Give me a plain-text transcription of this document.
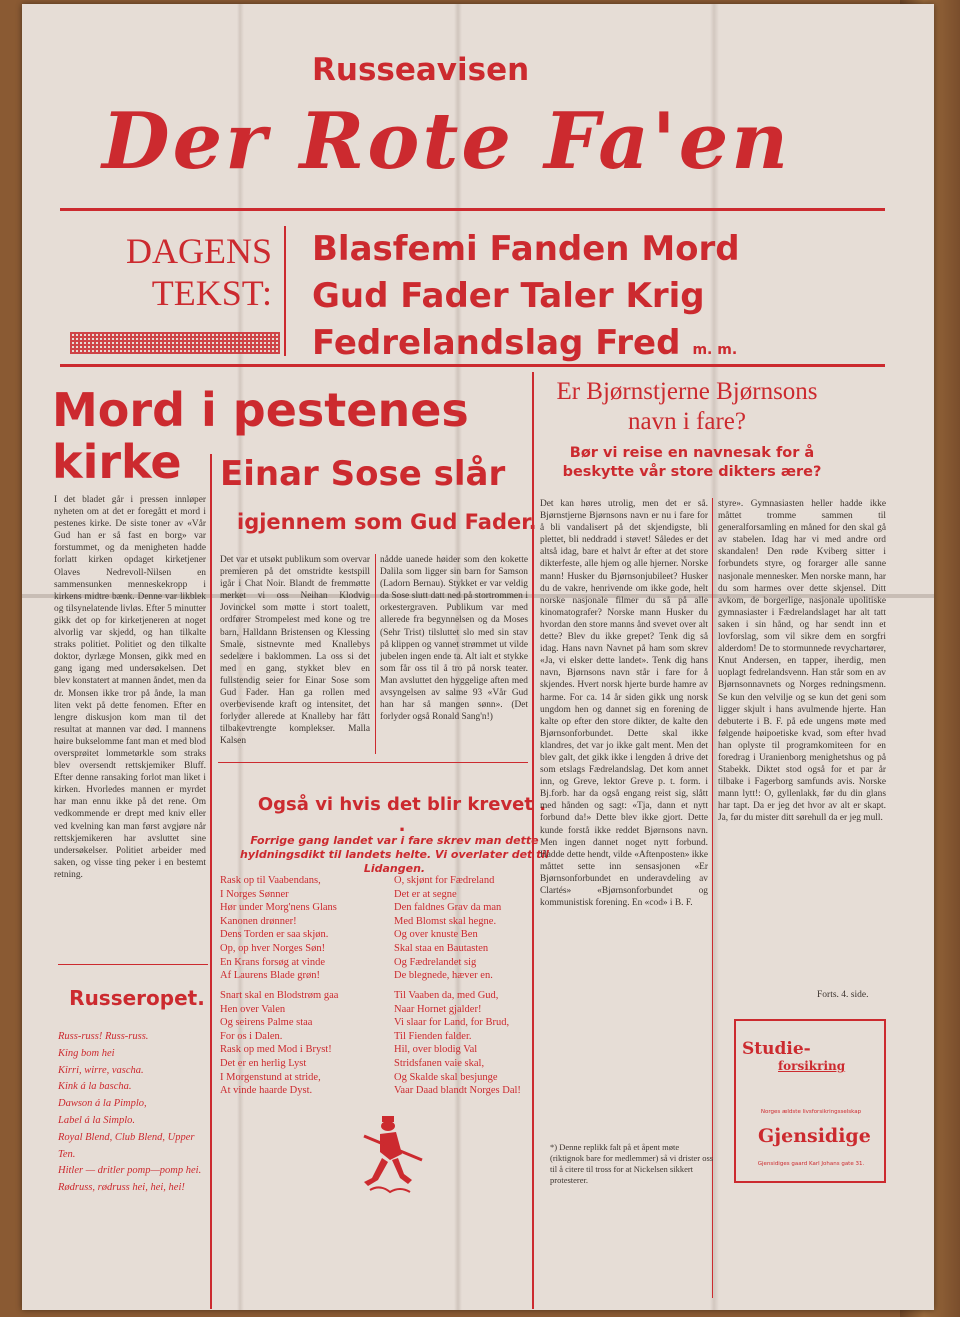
Russeavisen
Der Rote Fa'en
DAGENS
TEKST:
Blasfemi Fanden Mord
Gud Fader Taler Krig
Fedrelandslag Fred m. m.
Mord i pestenes
kirke

I det bladet går i pressen innløper nyheten om at det er foregått et mord i pestenes kirke. De siste toner av «Vår Gud han er så fast en borg» var forstummet, og da menigheten hadde forlatt kirken opdaget kirketjener Olaves Nedrevoll-Nilsen en sammensunken menneskekropp i kirkens midtre bænk. Denne var likblek og tilsynelatende livløs. Efter 5 minutter gikk det op for kirketjeneren at noget alvorlig var skjedd, og han tilkalte straks politiet. Politiet og den tilkalte doktor, dyrlæge Monsen, gikk med en gang igang med undersøkelsen. Det blev konstatert at mannen åndet, men da dr. Monsen ikke tror på ånde, la man liten vekt på dette fenomen. Efter en lengre diskusjon kom man til det resultat at mannen var død. I mannens høire bukselomme fant man et med blod oversprøitet lommetørkle som straks blev oversendt rettskjemiker Bluff. Efter denne ransaking forlot man liket i kirken. Hvorledes mannen er myrdet har man ennu ikke på det rene. Om vedkommende er drept med kniv eller ved kvelning kan man først avgjøre når rettskjemikeren har avsluttet sine undersøkelser. Politiet arbeider med saken, og visse ting peker i en bestemt retning.

Einar Sose slår
igjennem som Gud Fader.

Det var et utsøkt publikum som overvar premieren på det omstridte kestspill igår i Chat Noir. Blandt de fremmøtte merket vi oss Neihan Klodvig Jovinckel som møtte i stort toalett, ordfører Strompelest med kone og tre barn, Halldann Bristensen og Klessing Smale, sistnevnte med Knallebys sedelære i baklommen. La oss si det med en gang, stykket blev en fullstendig seier for Einar Sose som Gud Fader. Han ga rollen med overbevisende kraft og intensitet, det forlyder allerede at Knalleby har fått tilbakevtrengte komplekser. Malla Kalsen

nådde uanede høider som den kokette Dalila som ligger sin barn for Samson (Ladorn Bernau). Stykket er var veldig da Sose slutt datt ned på stortrommen i orkestergraven. Publikum var med allerede fra begynnelsen og da Moses (Sehr Trist) tilsluttet slo med sin stav på klippen og vannet strømmet ut vilde jubelen ingen ende ta. Alt ialt et stykke som får oss til å tro på norsk teater. Man avsluttet den hyggelige aften med avsyngelsen av salme 93 «Vår Gud han har så mangen sønn». (Det forlyder også Ronald Sang'n!)

Også vi hvis det blir krevet . .
Forrige gang landet var i fare skrev man dette hyldningsdikt til landets helte. Vi overlater det til Lidangen.
Rask op til Vaabendans,
I Norges Sønner
Hør under Morg'nens Glans
Kanonen drønner!
Dens Torden er saa skjøn.
Op, op hver Norges Søn!
En Krans forsøg at vinde
Af Laurens Blade grøn!
Snart skal en Blodstrøm gaa
Hen over Valen
Og seirens Palme staa
For os i Dalen.
Rask op med Mod i Bryst!
Det er en herlig Lyst
I Morgenstund at stride,
At vinde haarde Dyst.
O, skjønt for Fædreland
Det er at segne
Den faldnes Grav da man
Med Blomst skal hegne.
Og over knuste Ben
Skal staa en Bautasten
Og Fædrelandet sig
De blegnede, hæver en.
Til Vaaben da, med Gud,
Naar Hornet gjalder!
Vi slaar for Land, for Brud,
Til Fienden falder.
Hil, over blodig Val
Stridsfanen vaie skal,
Og Skalde skal besjunge
Vaar Daad blandt Norges Dal!
Russeropet.
Russ-russ! Russ-russ.
King bom hei
Kirri, wirre, vascha.
Kink á la bascha.
Dawson á la Pimplo,
Label á la Simplo.
Royal Blend, Club Blend, Upper
Ten.
Hitler — dritler pomp—pomp hei.
Rødruss, rødruss hei, hei, hei!
Er Bjørnstjerne Bjørnsons navn i fare?
Bør vi reise en navnesak for å beskytte vår store dikters ære?

Det kan høres utrolig, men det er så. Bjørnstjerne Bjørnsons navn er nu i fare for å bli vandalisert på det skjendigste, bli plettet, bli neddradd i støvet! Således er det altså idag, bare et halvt år efter at det store dikterfeste, alle hjem og alle hjerner. Norske mann! Husker du Bjørnsonjubileet? Husker du de vakre, henrivende om ikke gode, helt norske nasjonale filmer du så på alle kinomatografer? Norske mann Husker du hvordan den store manns ånd svevet over alt dette? Blev du ikke grepet? Tenk dig så idag. Hans navn Navnet på ham som skrev «Ja, vi elsker dette landet». Tenk dig hans navn, Bjørnsons navn står i fare for å skjendes. Hvert norsk hjerte burde hamre av harme. For ca. 14 år siden gikk ung norsk ungdom hen og dannet sig en forening de kalte op efter den store dikter, de kalte den Bjørnsonforbundet. Dette skal ikke klandres, det var jo ikke galt ment. Men det blev galt, det gikk ikke i lengden å drive det som etslags Fædrelandslag. Det kom annet inn, og Greve, lektor Greve p. t. form. i Bj.forb. har da også engang reist sig, slått med hånden og sagt: «Tja, dann et nytt forbund da!» Dette blev ikke gjort. Dette kunde forstå ikke reddet Bjørnsons navn. Men ingen dannet noget nytt forbund. Hadde dette hendt, vilde «Aftenposten» ikke måttet sette inn sensasjonen «Er Bjørnsonforbundet en underavdeling av Clartés» «Bjørnsonforbundet og kommunistisk forening. En «cod» i B. F.

styre». Gymnasiasten heller hadde ikke måttet tromme sammen til generalforsamling en måned for den skal gå av stabelen. Idag har vi med andre ord skandalen! Den røde Kviberg sitter i forbundets styre, og forarger alle sanne nasjonale mennesker. Men norske mann, har du som harmes over dette skjensel. Ditt avkom, de borgerlige, nasjonale upolitiske gymnasiaster i Fædrelandslaget har alt tatt saken i sin hånd, og har sendt inn et lovforslag, som vil sikre dem en sorgfri alderdom! De to stormunnede revychartører, Knut Andersen, en tapper, iherdig, men uoplagt fedrelandsvenn. Han står som en av Bjørnsonnavnets og Norges redningsmenn. Se kun den velvilje og se kun det geni som ligger skjult i hans avulmende hjerte. Han debuterte i B. F. på ede ungens møte med følgende høipoetiske kvad, som efter hvad han oplyste til programkomiteen for en foredrag i Uranienborg menighetshus og på Stabekk. Diktet stod også for et par år tilbake i Fagerborg samfunds avis. Norske mann lytt!: O, gyllenlakk, før du din glans har tapt. Da er jeg det hvor av alt er skapt. Ja, før du mister ditt sørehull da er jeg mull.

Forts. 4. side.
*) Denne replikk falt på et åpent møte (riktignok bare for medlemmer) så vi drister oss til å citere til tross for at Nickelsen sikkert protesterer.
Studie-
forsikring
Norges ældste livsforsikringsselskap
Gjensidige
Gjensidiges gaard Karl Johans gate 31.
